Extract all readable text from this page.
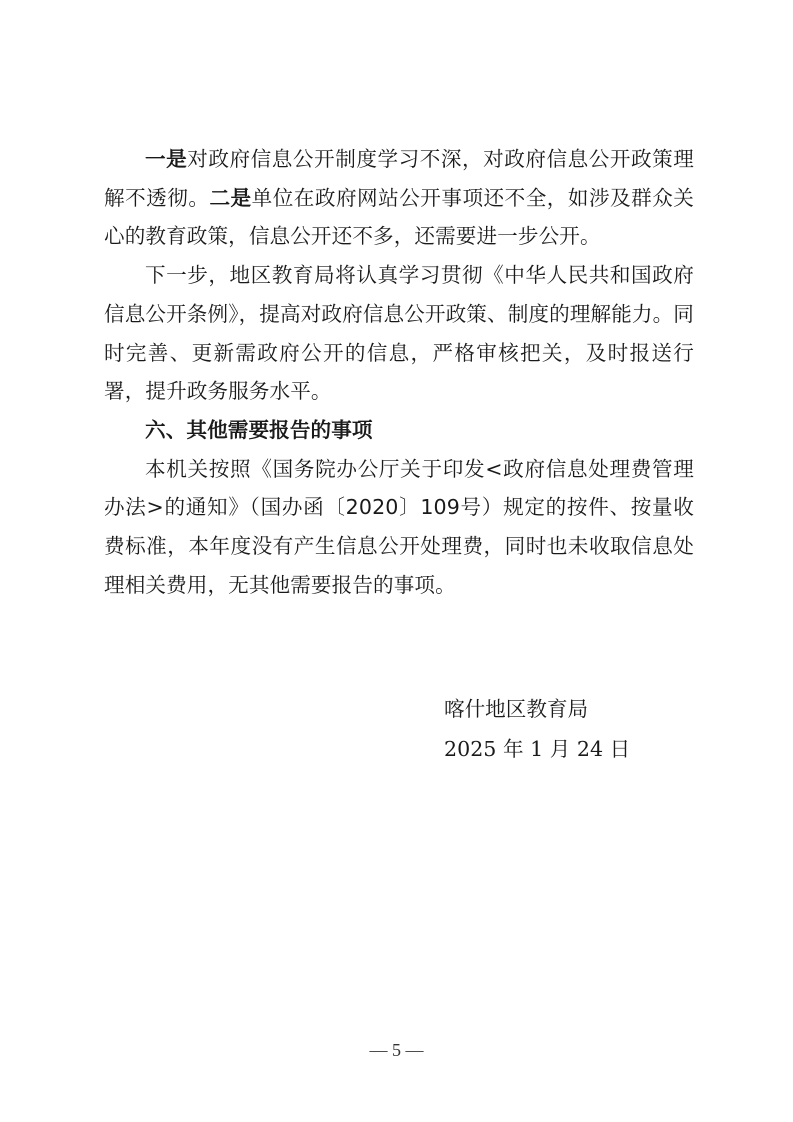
一是对政府信息公开制度学习不深，对政府信息公开政策理解不透彻。二是单位在政府网站公开事项还不全，如涉及群众关心的教育政策，信息公开还不多，还需要进一步公开。

下一步，地区教育局将认真学习贯彻《中华人民共和国政府信息公开条例》，提高对政府信息公开政策、制度的理解能力。同时完善、更新需政府公开的信息，严格审核把关，及时报送行署，提升政务服务水平。

六、其他需要报告的事项

本机关按照《国务院办公厅关于印发<政府信息处理费管理办法>的通知》（国办函〔2020〕109号）规定的按件、按量收费标准，本年度没有产生信息公开处理费，同时也未收取信息处理相关费用，无其他需要报告的事项。

喀什地区教育局
2025 年 1 月 24 日
— 5 —
